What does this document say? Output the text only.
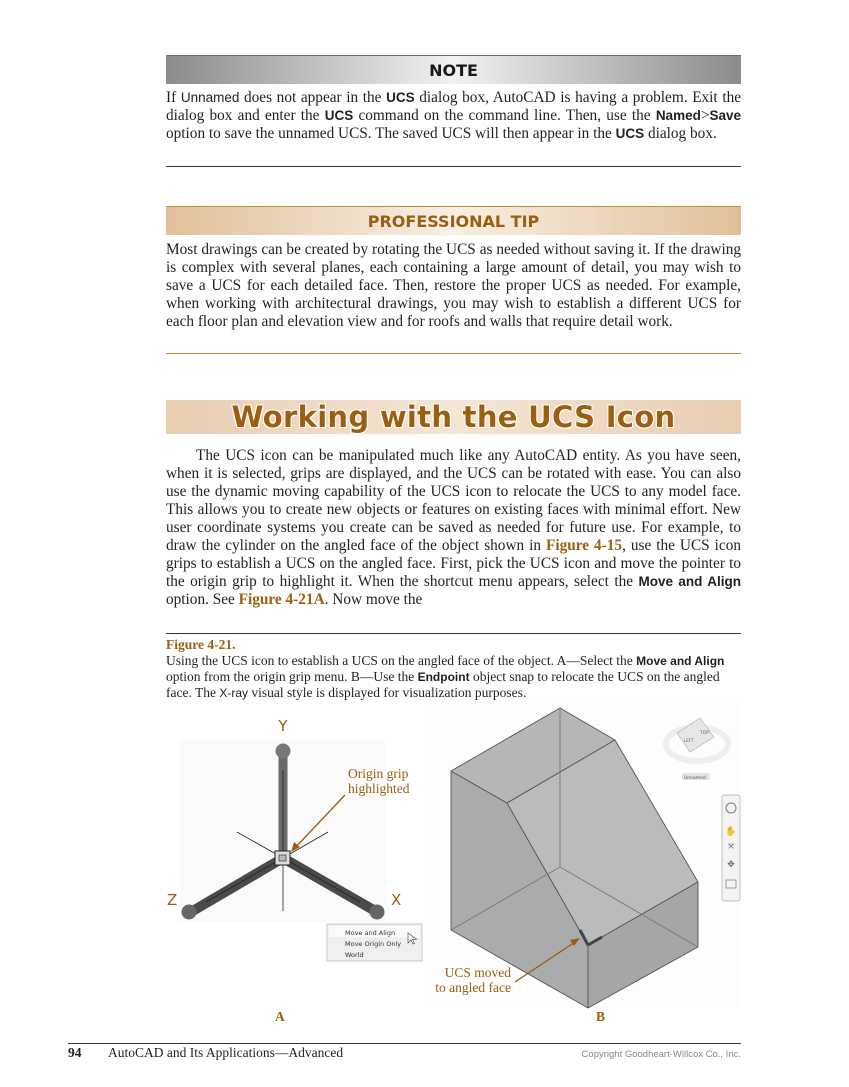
NOTE
If Unnamed does not appear in the UCS dialog box, AutoCAD is having a problem. Exit the dialog box and enter the UCS command on the command line. Then, use the Named>Save option to save the unnamed UCS. The saved UCS will then appear in the UCS dialog box.
PROFESSIONAL TIP
Most drawings can be created by rotating the UCS as needed without saving it. If the drawing is complex with several planes, each containing a large amount of detail, you may wish to save a UCS for each detailed face. Then, restore the proper UCS as needed. For example, when working with architectural drawings, you may wish to establish a different UCS for each floor plan and elevation view and for roofs and walls that require detail work.
Working with the UCS Icon
The UCS icon can be manipulated much like any AutoCAD entity. As you have seen, when it is selected, grips are displayed, and the UCS can be rotated with ease. You can also use the dynamic moving capability of the UCS icon to relocate the UCS to any model face. This allows you to create new objects or features on existing faces with minimal effort. New user coordinate systems you create can be saved as needed for future use. For example, to draw the cylinder on the angled face of the object shown in Figure 4-15, use the UCS icon grips to establish a UCS on the angled face. First, pick the UCS icon and move the pointer to the origin grip to highlight it. When the shortcut menu appears, select the Move and Align option. See Figure 4-21A. Now move the
Figure 4-21.
Using the UCS icon to establish a UCS on the angled face of the object. A—Select the Move and Align option from the origin grip menu. B—Use the Endpoint object snap to relocate the UCS on the angled face. The X-ray visual style is displayed for visualization purposes.
Y
Z	X
Move and Align
Move Origin Only
World
TOP
LEFT
Unnamed
✋
⤧
✥
Origin grip
highlighted
UCS moved
to angled face
A	B
94 AutoCAD and Its Applications—Advanced	Copyright Goodheart-Willcox Co., Inc.
